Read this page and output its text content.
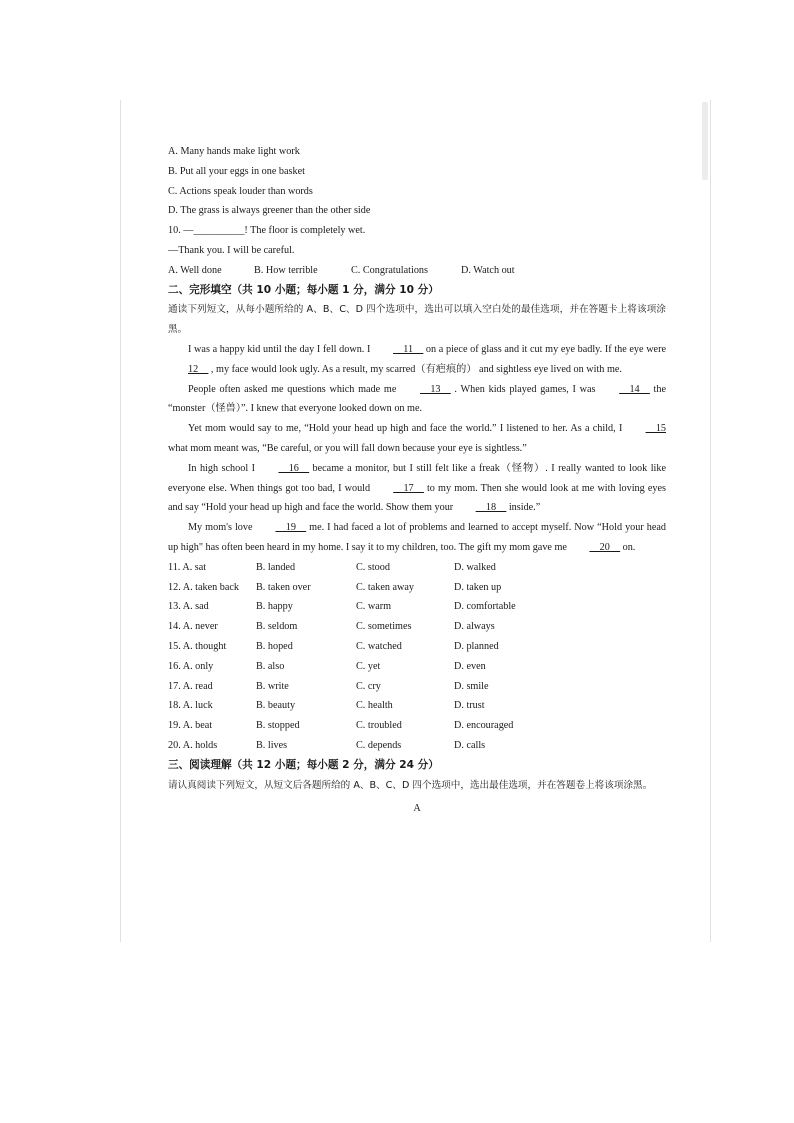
A. Many hands make light work
B. Put all your eggs in one basket
C. Actions speak louder than words
D. The grass is always greener than the other side
10. —__________! The floor is completely wet.
—Thank you. I will be careful.
A. Well done	B. How terrible	C. Congratulations	D. Watch out
二、完形填空（共 10 小题；每小题 1 分，满分 10 分）
通读下列短文，从每小题所给的 A、B、C、D 四个选项中，选出可以填入空白处的最佳选项，并在答题卡上将该项涂黑。
I was a happy kid until the day I fell down. I __11__ on a piece of glass and it cut my eye badly. If the eye were 12__ , my face would look ugly. As a result, my scarred（有疤痕的） and sightless eye lived on with me.
People often asked me questions which made me __13__ . When kids played games, I was __14__ the “monster（怪兽）”. I knew that everyone looked down on me.
Yet mom would say to me, “Hold your head up high and face the world.” I listened to her. As a child, I __15 what mom meant was, “Be careful, or you will fall down because your eye is sightless.”
In high school I __16__ became a monitor, but I still felt like a freak（怪物）. I really wanted to look like everyone else. When things got too bad, I would __17__ to my mom. Then she would look at me with loving eyes and say “Hold your head up high and face the world. Show them your __18__ inside.”
My mom's love __19__ me. I had faced a lot of problems and learned to accept myself. Now “Hold your head up high" has often been heard in my home. I say it to my children, too. The gift my mom gave me __20__ on.
11. A. sat	B. landed	C. stood	D. walked
12. A. taken back	B. taken over	C. taken away	D. taken up
13. A. sad	B. happy	C. warm	D. comfortable
14. A. never	B. seldom	C. sometimes	D. always
15. A. thought	B. hoped	C. watched	D. planned
16. A. only	B. also	C. yet	D. even
17. A. read	B. write	C. cry	D. smile
18. A. luck	B. beauty	C. health	D. trust
19. A. beat	B. stopped	C. troubled	D. encouraged
20. A. holds	B. lives	C. depends	D. calls
三、阅读理解（共 12 小题；每小题 2 分，满分 24 分）
请认真阅读下列短文，从短文后各题所给的 A、B、C、D 四个选项中，选出最佳选项，并在答题卷上将该项涂黑。
A
